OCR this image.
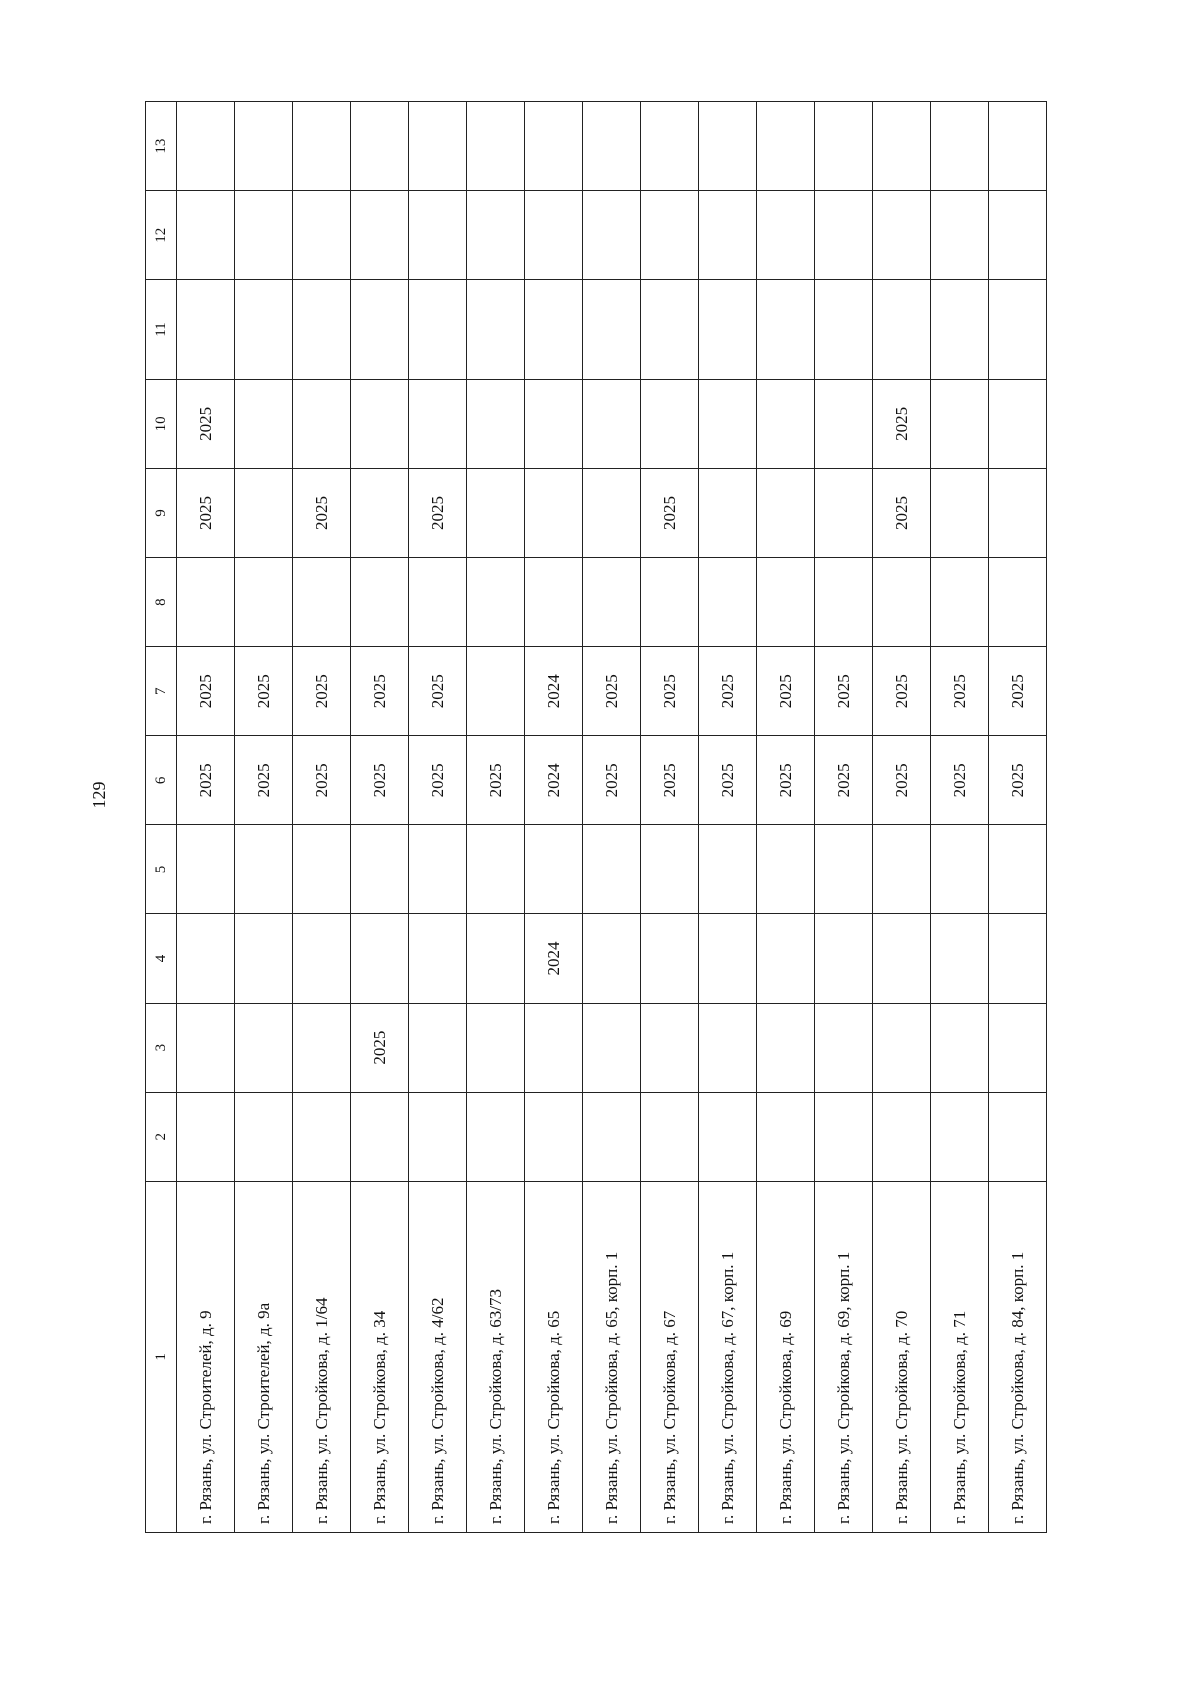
129
1	2	3	4	5	6	7	8	9	10	11	12	13
г. Рязань, ул. Строителей, д. 9					2025	2025		2025	2025			
г. Рязань, ул. Строителей, д. 9а					2025	2025						
г. Рязань, ул. Стройкова, д. 1/64					2025	2025		2025				
г. Рязань, ул. Стройкова, д. 34		2025			2025	2025						
г. Рязань, ул. Стройкова, д. 4/62					2025	2025		2025				
г. Рязань, ул. Стройкова, д. 63/73					2025							
г. Рязань, ул. Стройкова, д. 65			2024		2024	2024						
г. Рязань, ул. Стройкова, д. 65, корп. 1					2025	2025						
г. Рязань, ул. Стройкова, д. 67					2025	2025		2025				
г. Рязань, ул. Стройкова, д. 67, корп. 1					2025	2025						
г. Рязань, ул. Стройкова, д. 69					2025	2025						
г. Рязань, ул. Стройкова, д. 69, корп. 1					2025	2025						
г. Рязань, ул. Стройкова, д. 70					2025	2025		2025	2025			
г. Рязань, ул. Стройкова, д. 71					2025	2025						
г. Рязань, ул. Стройкова, д. 84, корп. 1					2025	2025						
